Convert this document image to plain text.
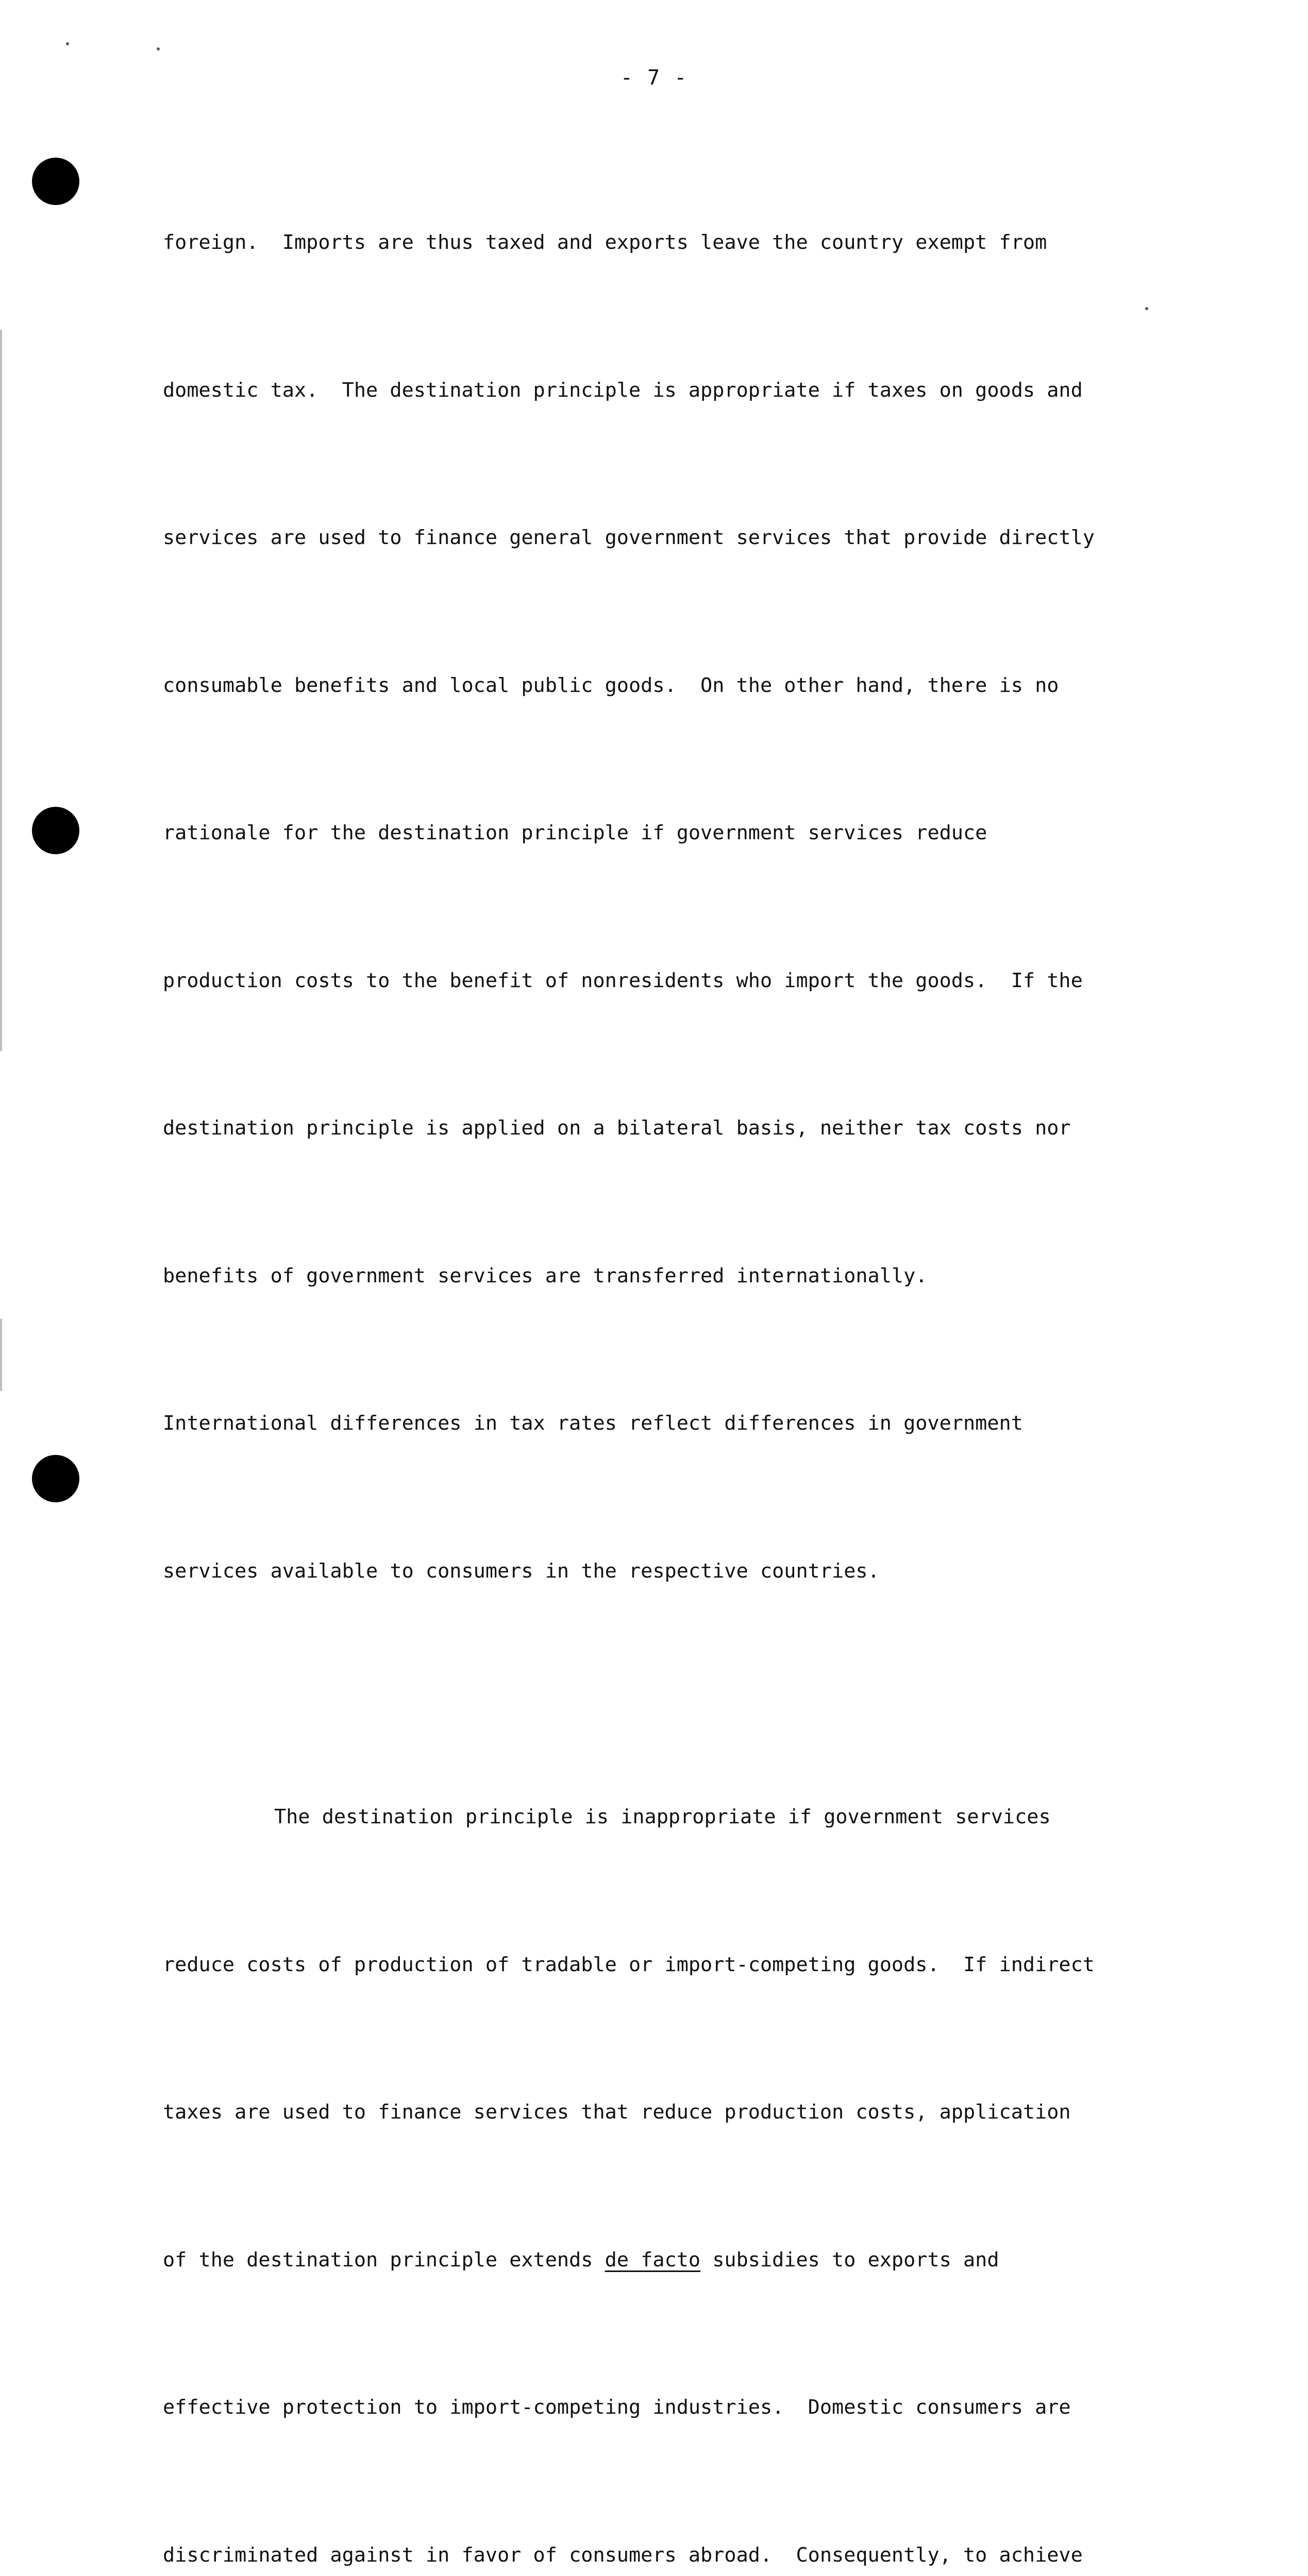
- 7 -

foreign.  Imports are thus taxed and exports leave the country exempt from

domestic tax.  The destination principle is appropriate if taxes on goods and

services are used to finance general government services that provide directly

consumable benefits and local public goods.  On the other hand, there is no

rationale for the destination principle if government services reduce

production costs to the benefit of nonresidents who import the goods.  If the

destination principle is applied on a bilateral basis, neither tax costs nor

benefits of government services are transferred internationally.

International differences in tax rates reflect differences in government

services available to consumers in the respective countries.

The destination principle is inappropriate if government services

reduce costs of production of tradable or import-competing goods.  If indirect

taxes are used to finance services that reduce production costs, application

of the destination principle extends de facto subsidies to exports and

effective protection to import-competing industries.  Domestic consumers are

discriminated against in favor of consumers abroad.  Consequently, to achieve
